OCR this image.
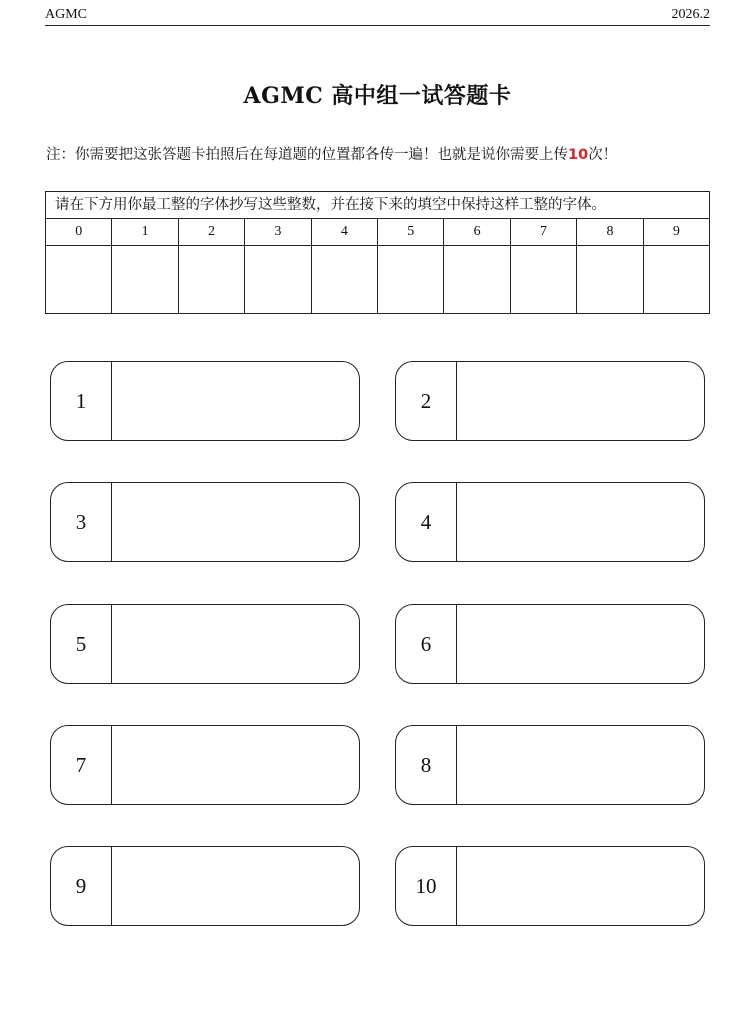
AGMC	2026.2
AGMC 高中组一试答题卡
注：你需要把这张答题卡拍照后在每道题的位置都各传一遍！也就是说你需要上传10次！
请在下方用你最工整的字体抄写这些整数，并在接下来的填空中保持这样工整的字体。
0	1	2	3	4	5	6	7	8	9
1	2
3	4
5	6
7	8
9	10
